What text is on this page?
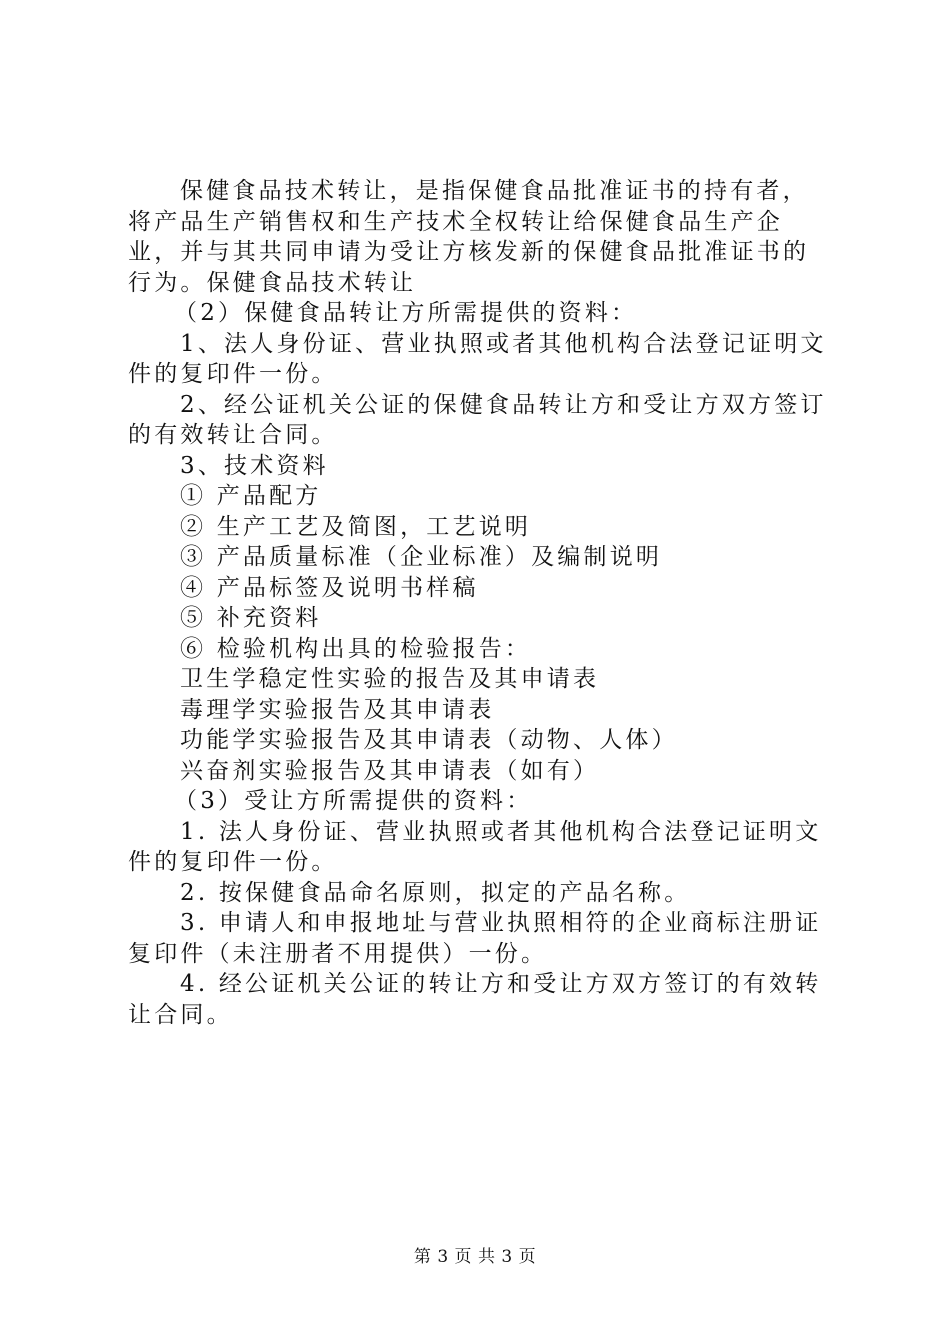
保健食品技术转让，是指保健食品批准证书的持有者，将产品生产销售权和生产技术全权转让给保健食品生产企业，并与其共同申请为受让方核发新的保健食品批准证书的行为。保健食品技术转让

（2）保健食品转让方所需提供的资料：

1、法人身份证、营业执照或者其他机构合法登记证明文件的复印件一份。

2、经公证机关公证的保健食品转让方和受让方双方签订的有效转让合同。

3、技术资料

① 产品配方

② 生产工艺及简图，工艺说明

③ 产品质量标准（企业标准）及编制说明

④ 产品标签及说明书样稿

⑤ 补充资料

⑥ 检验机构出具的检验报告：

卫生学稳定性实验的报告及其申请表

毒理学实验报告及其申请表

功能学实验报告及其申请表（动物、人体）

兴奋剂实验报告及其申请表（如有）

（3）受让方所需提供的资料：

1. 法人身份证、营业执照或者其他机构合法登记证明文件的复印件一份。

2. 按保健食品命名原则，拟定的产品名称。

3. 申请人和申报地址与营业执照相符的企业商标注册证复印件（未注册者不用提供）一份。

4. 经公证机关公证的转让方和受让方双方签订的有效转让合同。

第 3 页 共 3 页
